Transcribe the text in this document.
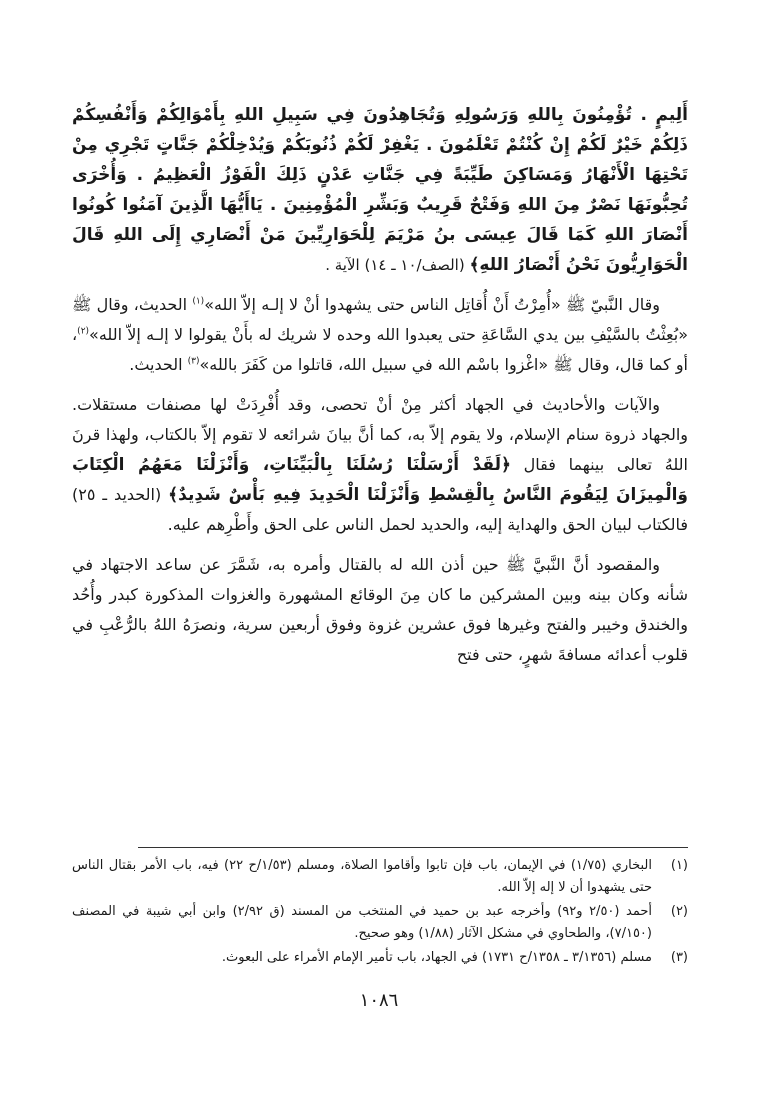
أَلِيمٍ . تُؤْمِنُونَ بِاللهِ وَرَسُولِهِ وَتُجَاهِدُونَ فِي سَبِيلِ اللهِ بِأَمْوَالِكُمْ وَأَنْفُسِكُمْ ذَلِكُمْ خَيْرٌ لَكُمْ إِنْ كُنْتُمْ تَعْلَمُونَ . يَغْفِرْ لَكُمْ ذُنُوبَكُمْ وَيُدْخِلْكُمْ جَنَّاتٍ تَجْرِي مِنْ تَحْتِهَا الْأَنْهَارُ وَمَسَاكِنَ طَيِّبَةً فِي جَنَّاتِ عَدْنٍ ذَلِكَ الْفَوْزُ الْعَظِيمُ . وَأُخْرَى تُحِبُّونَهَا نَصْرٌ مِنَ اللهِ وَفَتْحٌ قَرِيبٌ وَبَشِّرِ الْمُؤْمِنِينَ . يَاأَيُّهَا الَّذِينَ آمَنُوا كُونُوا أَنْصَارَ اللهِ كَمَا قَالَ عِيسَى بنُ مَرْيَمَ لِلْحَوَارِيِّينَ مَنْ أَنْصَارِي إِلَى اللهِ قَالَ الْحَوَارِيُّونَ نَحْنُ أَنْصَارُ اللهِ﴾ (الصف/١٠ ـ ١٤) الآية .

وقال النَّبيّ ﷺ «أُمِرْتُ أَنْ أُقاتِل الناس حتى يشهدوا أنْ لا إلـه إلاّ الله»$^{(١)}$ الحديث، وقال ﷺ «بُعِثْتُ بالسَّيْفِ بين يدي السَّاعَةِ حتى يعبدوا الله وحده لا شريك له بأَنْ يقولوا لا إلـه إلاّ الله»$^{(٢)}$، أو كما قال، وقال ﷺ «اغْزوا باسْم الله في سبيل الله، قاتلوا من كَفَرَ بالله»$^{(٣)}$ الحديث.

والآيات والأحاديث في الجهاد أكثر مِنْ أنْ تحصى، وقد أُفْرِدَتْ لها مصنفات مستقلات. والجهاد ذروة سنام الإسلام، ولا يقوم إلاّ به، كما أنَّ بيانَ شرائعه لا تقوم إلاّ بالكتاب، ولهذا قرنَ اللهُ تعالى بينهما فقال ﴿لَقَدْ أَرْسَلْنَا رُسُلَنَا بِالْبَيِّنَاتِ، وَأَنْزَلْنَا مَعَهُمُ الْكِتَابَ وَالْمِيزَانَ لِيَقُومَ النَّاسُ بِالْقِسْطِ وَأَنْزَلْنَا الْحَدِيدَ فِيهِ بَأْسٌ شَدِيدٌ﴾ (الحديد ـ ٢٥) فالكتاب لبيان الحق والهداية إليه، والحديد لحمل الناس على الحق وأَطْرِهم عليه.

والمقصود أنَّ النَّبيَّ ﷺ حين أذن الله له بالقتال وأمره به، شَمَّرَ عن ساعد الاجتهاد في شأنه وكان بينه وبين المشركين ما كان مِنَ الوقائع المشهورة والغزوات المذكورة كبدر وأُحُد والخندق وخيبر والفتح وغيرها فوق عشرين غزوة وفوق أربعين سرية، ونصرَهُ اللهُ بالرُّعْبِ في قلوب أعدائه مسافةَ شهرٍ، حتى فتح

(١)
البخاري (١/٧٥) في الإيمان، باب فإن تابوا وأقاموا الصلاة، ومسلم (١/٥٣/ح ٢٢) فيه، باب الأمر بقتال الناس حتى يشهدوا أن لا إله إلاّ الله.
(٢)
أحمد (٢/٥٠ و٩٢) وأخرجه عبد بن حميد في المنتخب من المسند (ق ٢/٩٢) وابن أبي شيبة في المصنف (٧/١٥٠)، والطحاوي في مشكل الآثار (١/٨٨) وهو صحيح.
(٣)
مسلم (٣/١٣٥٦ ـ ١٣٥٨/ح ١٧٣١) في الجهاد، باب تأمير الإمام الأمراء على البعوث.
١٠٨٦
